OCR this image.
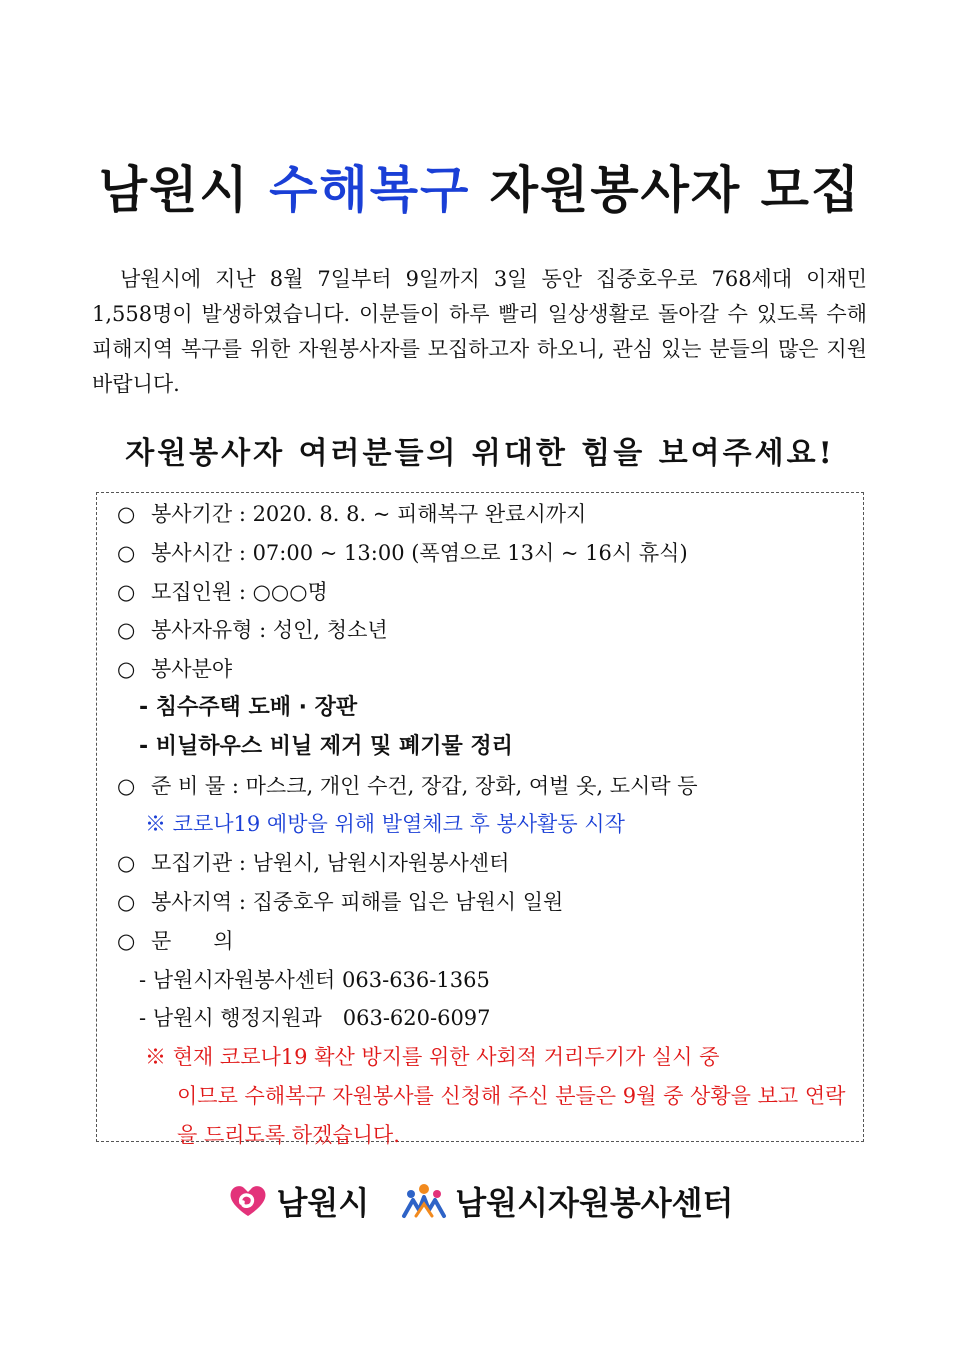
남원시 수해복구 자원봉사자 모집

남원시에 지난 8월 7일부터 9일까지 3일 동안 집중호우로 768세대 이재민 1,558명이 발생하였습니다. 이분들이 하루 빨리 일상생활로 돌아갈 수 있도록 수해 피해지역 복구를 위한 자원봉사자를 모집하고자 하오니, 관심 있는 분들의 많은 지원 바랍니다.

자원봉사자 여러분들의 위대한 힘을 보여주세요!

○ 봉사기간 : 2020. 8. 8. ~ 피해복구 완료시까지
○ 봉사시간 : 07:00 ~ 13:00 (폭염으로 13시 ~ 16시 휴식)
○ 모집인원 : ○○○명
○ 봉사자유형 : 성인, 청소년
○ 봉사분야
- 침수주택 도배 · 장판
- 비닐하우스 비닐 제거 및 폐기물 정리
○ 준 비 물 : 마스크, 개인 수건, 장갑, 장화, 여벌 옷, 도시락 등
※ 코로나19 예방을 위해 발열체크 후 봉사활동 시작
○ 모집기관 : 남원시, 남원시자원봉사센터
○ 봉사지역 : 집중호우 피해를 입은 남원시 일원
○ 문　　의
- 남원시자원봉사센터 063-636-1365
- 남원시 행정지원과　063-620-6097
※ 현재 코로나19 확산 방지를 위한 사회적 거리두기가 실시 중
이므로 수해복구 자원봉사를 신청해 주신 분들은 9월 중 상황을 보고 연락을 드리도록 하겠습니다.
남원시	남원시자원봉사센터
